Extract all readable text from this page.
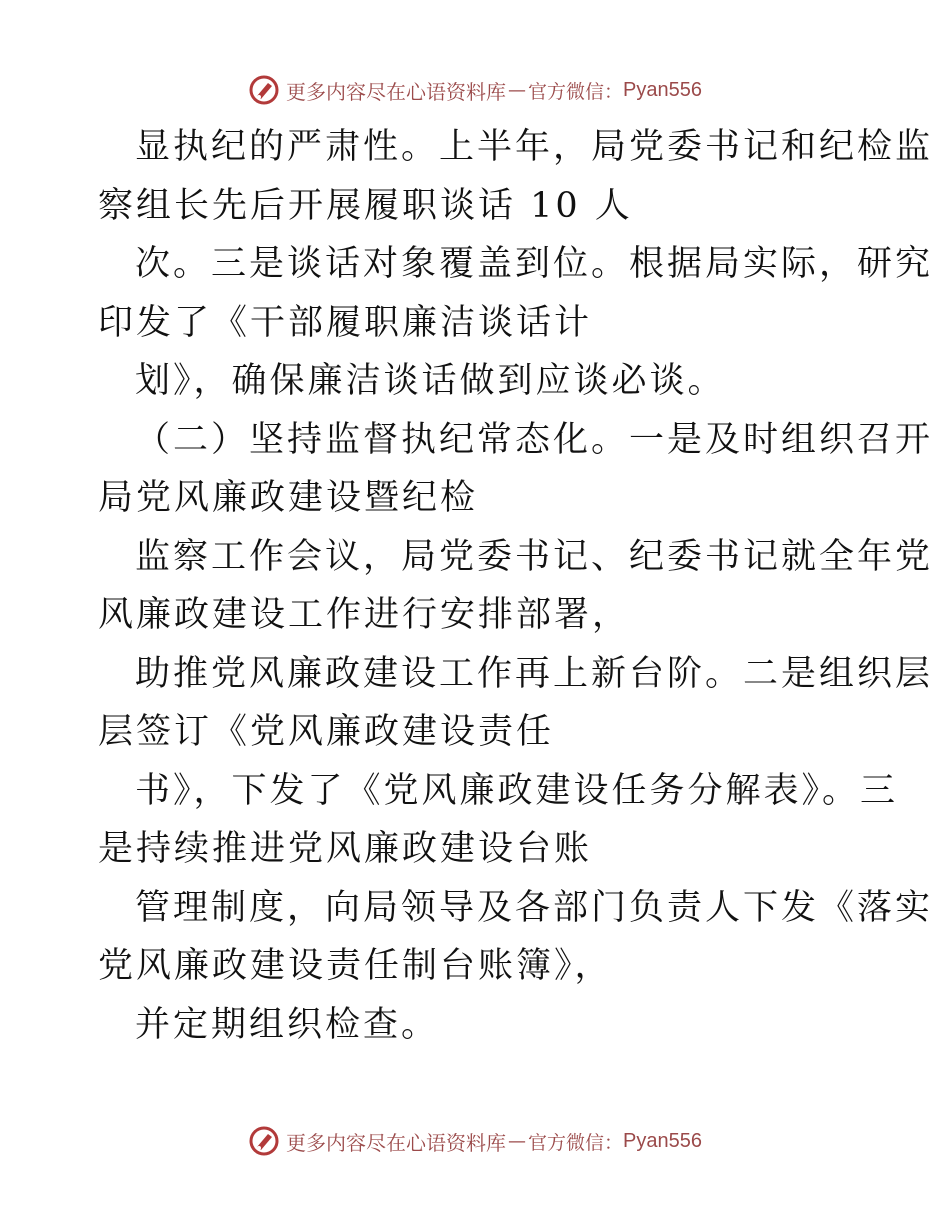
更多内容尽在心语资料库 — 官方微信： Pyan556
显执纪的严肃性。上半年，局党委书记和纪检监
察组长先后开展履职谈话 10 人
次。三是谈话对象覆盖到位。根据局实际，研究
印发了《干部履职廉洁谈话计
划》，确保廉洁谈话做到应谈必谈。
（二）坚持监督执纪常态化。一是及时组织召开
局党风廉政建设暨纪检
监察工作会议，局党委书记、纪委书记就全年党
风廉政建设工作进行安排部署，
助推党风廉政建设工作再上新台阶。二是组织层
层签订《党风廉政建设责任
书》，下发了《党风廉政建设任务分解表》。三
是持续推进党风廉政建设台账
管理制度，向局领导及各部门负责人下发《落实
党风廉政建设责任制台账簿》，
并定期组织检查。
更多内容尽在心语资料库 — 官方微信： Pyan556
